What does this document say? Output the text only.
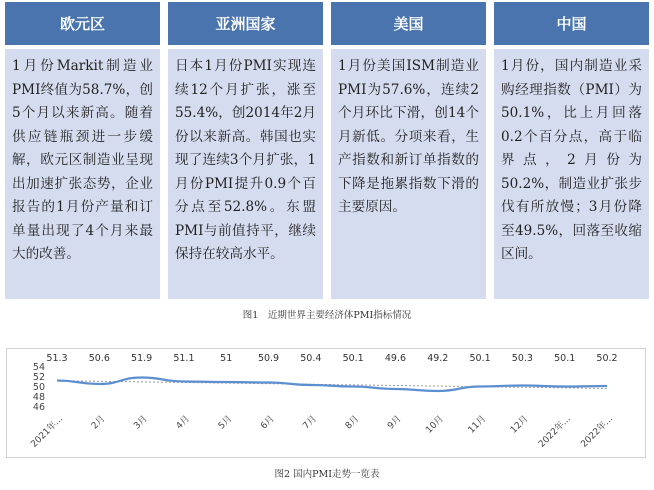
欧元区
1月份Markit制造业PMI终值为58.7%，创5个月以来新高。随着供应链瓶颈进一步缓解，欧元区制造业呈现出加速扩张态势，企业报告的1月份产量和订单量出现了4个月来最大的改善。
亚洲国家
日本1月份PMI实现连续12个月扩张，涨至55.4%，创2014年2月份以来新高。韩国也实现了连续3个月扩张，1月份PMI提升0.9个百分点至52.8%。东盟PMI与前值持平，继续保持在较高水平。
美国
1月份美国ISM制造业PMI为57.6%，连续2个月环比下滑，创14个月新低。分项来看，生产指数和新订单指数的下降是拖累指数下滑的主要原因。
中国
1月份，国内制造业采购经理指数（PMI）为50.1%，比上月回落0.2个百分点，高于临界点，2月份为50.2%，制造业扩张步伐有所放慢；3月份降至49.5%，回落至收缩区间。
图1　近期世界主要经济体PMI指标情况
54
52
50
48
46
51.3 50.6 51.9 51.1	51	50.9 50.4 50.1 49.6 49.2 50.1 50.3 50.1 50.2
2021年...	2月	3月	4月	5月	6月	7月	8月	9月 10月 11月 12月 2022年... 2022年...
图2 国内PMI走势一览表
